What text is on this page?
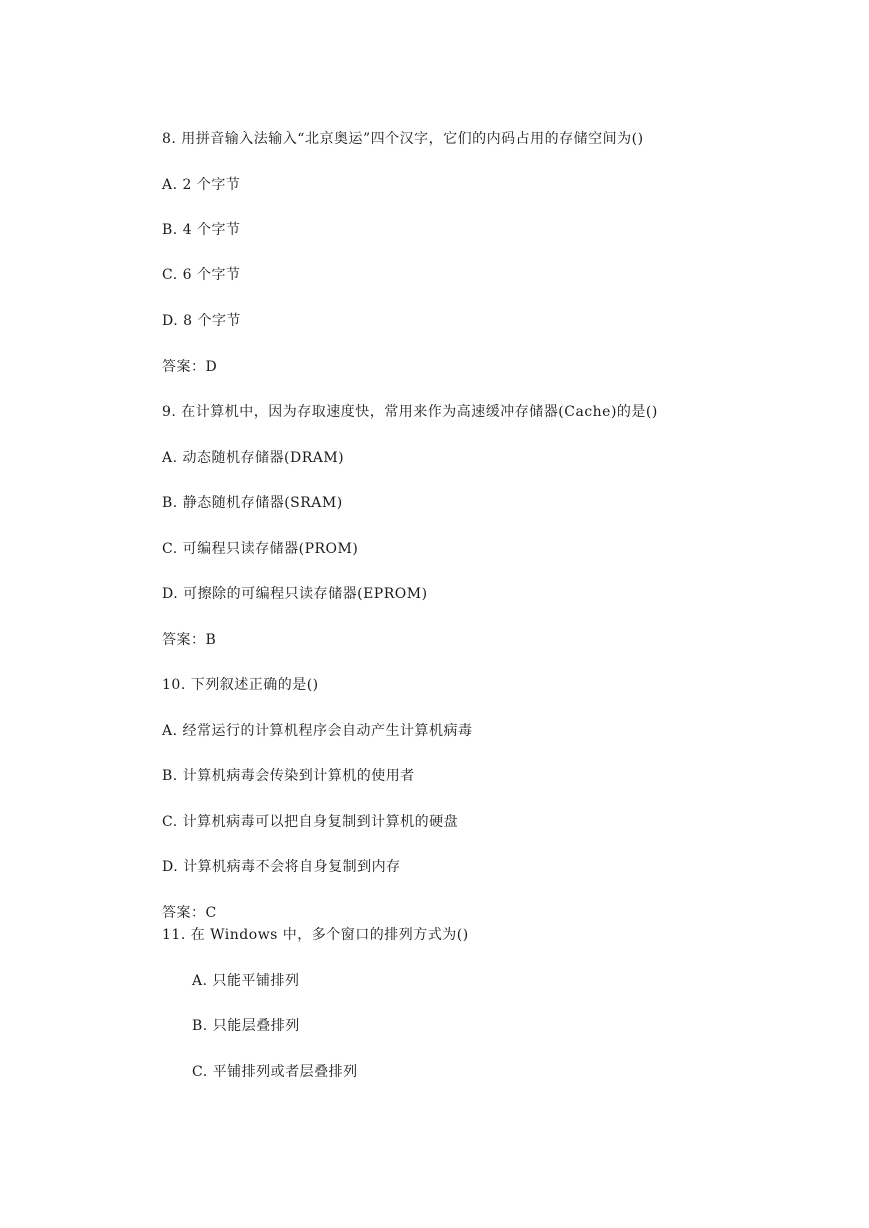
8. 用拼音输入法输入“北京奥运”四个汉字，它们的内码占用的存储空间为()
A. 2 个字节
B. 4 个字节
C. 6 个字节
D. 8 个字节
答案：D
9. 在计算机中，因为存取速度快，常用来作为高速缓冲存储器(Cache)的是()
A. 动态随机存储器(DRAM)
B. 静态随机存储器(SRAM)
C. 可编程只读存储器(PROM)
D. 可擦除的可编程只读存储器(EPROM)
答案：B
10. 下列叙述正确的是()
A. 经常运行的计算机程序会自动产生计算机病毒
B. 计算机病毒会传染到计算机的使用者
C. 计算机病毒可以把自身复制到计算机的硬盘
D. 计算机病毒不会将自身复制到内存
答案：C
11. 在 Windows 中，多个窗口的排列方式为()
A. 只能平铺排列
B. 只能层叠排列
C. 平铺排列或者层叠排列
